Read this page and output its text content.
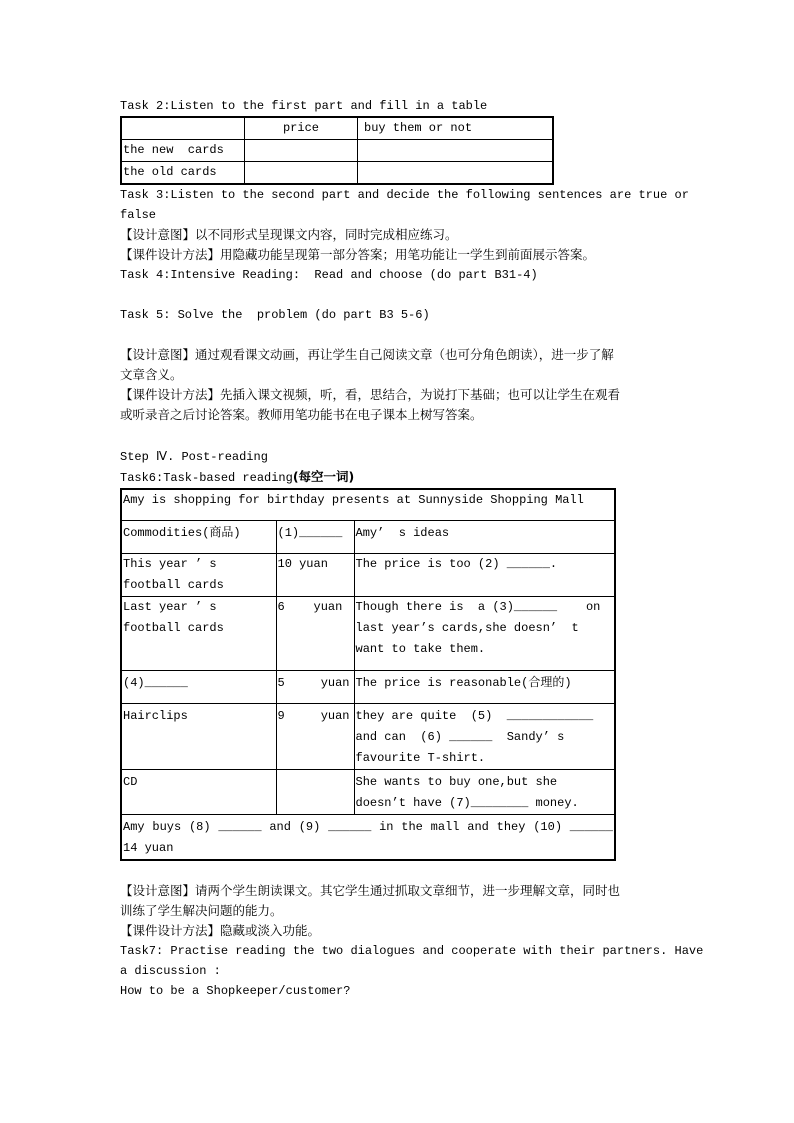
Task 2:Listen to the first part and fill in a table
	price	buy them or not
the new  cards		
the old cards		
Task 3:Listen to the second part and decide the following sentences are true or
false
【设计意图】以不同形式呈现课文内容，同时完成相应练习。
【课件设计方法】用隐藏功能呈现第一部分答案；用笔功能让一学生到前面展示答案。
Task 4:Intensive Reading:  Read and choose (do part B31-4)
Task 5: Solve the  problem (do part B3 5-6)
【设计意图】通过观看课文动画，再让学生自己阅读文章（也可分角色朗读），进一步了解
文章含义。
【课件设计方法】先插入课文视频，听，看，思结合，为说打下基础；也可以让学生在观看
或听录音之后讨论答案。教师用笔功能书在电子课本上树写答案。
Step Ⅳ. Post-reading
Task6:Task-based reading(每空一词)
Amy is shopping for birthday presents at Sunnyside Shopping Mall		
Commodities(商品)	(1)______	Amy’  s ideas
This year ’ s football cards	10 yuan	The price is too (2) ______.
Last year ’ s football cards	6    yuan	Though there is  a (3)______    on last year’s cards,she doesn’  t want to take them.
(4)______	5     yuan	The price is reasonable(合理的)
Hairclips	9     yuan	they are quite  (5)  ____________ and can  (6) ______  Sandy’ s favourite T-shirt.
CD		She wants to buy one,but she doesn’t have (7)________ money.
Amy buys (8) ______ and (9) ______ in the mall and they (10) ______ 14 yuan		
【设计意图】请两个学生朗读课文。其它学生通过抓取文章细节，进一步理解文章，同时也
训练了学生解决问题的能力。
【课件设计方法】隐藏或淡入功能。
Task7: Practise reading the two dialogues and cooperate with their partners. Have
a discussion :
How to be a Shopkeeper/customer?
